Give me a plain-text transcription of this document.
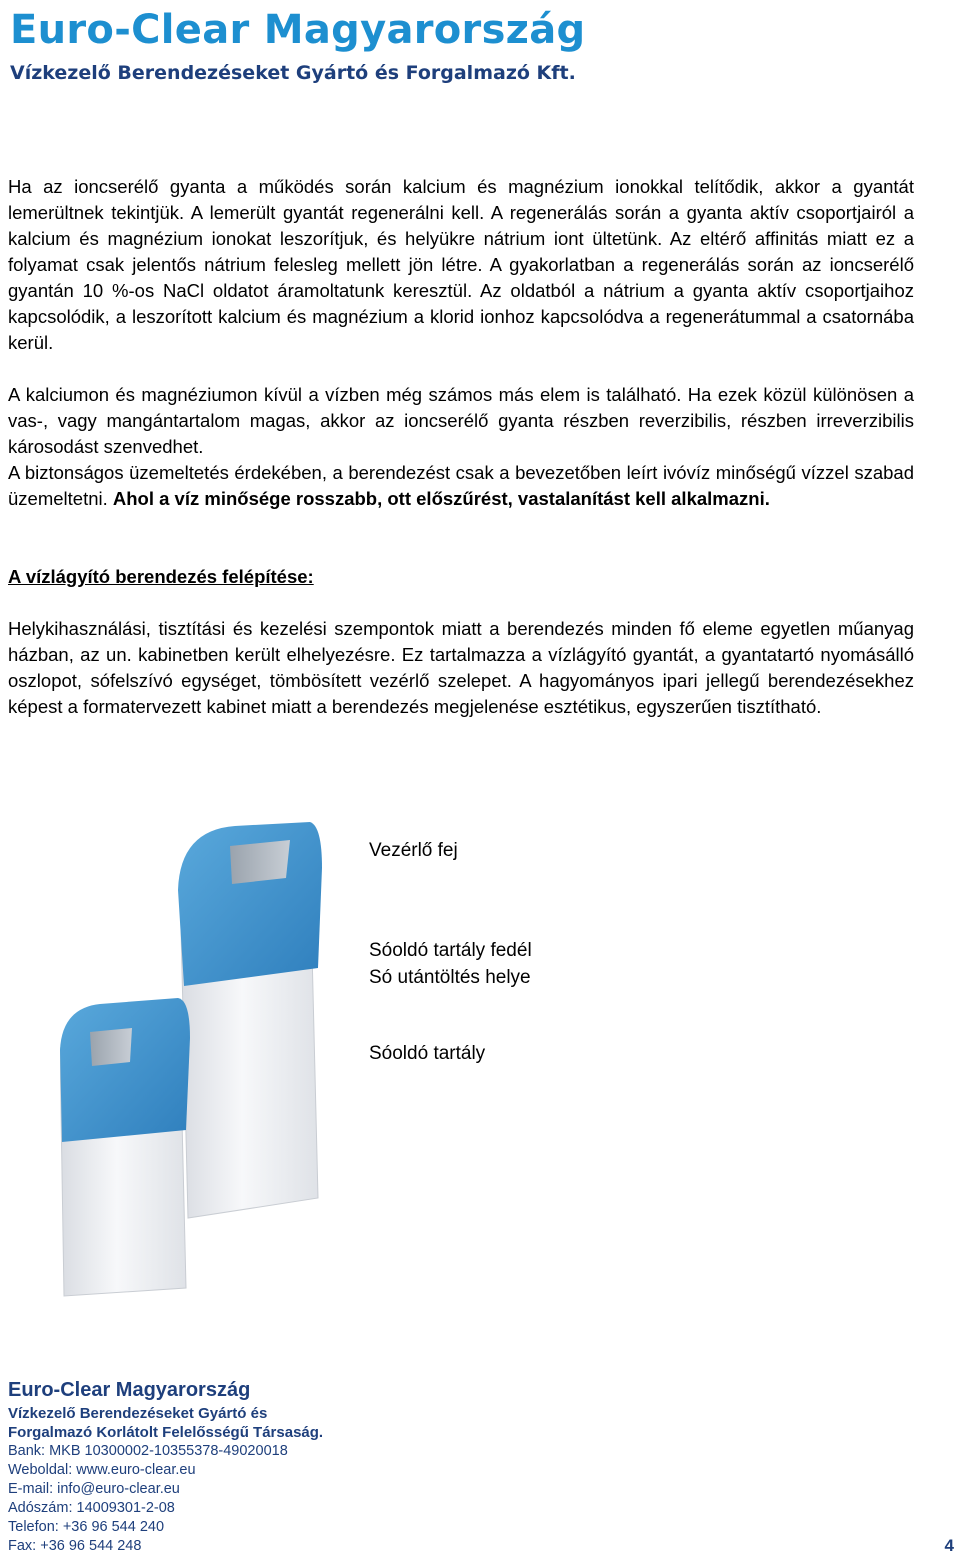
Euro-Clear Magyarország
Vízkezelő Berendezéseket Gyártó és Forgalmazó Kft.

Ha az ioncserélő gyanta a működés során kalcium és magnézium ionokkal telítődik, akkor a gyantát lemerültnek tekintjük. A lemerült gyantát regenerálni kell. A regenerálás során a gyanta aktív csoportjairól a kalcium és magnézium ionokat leszorítjuk, és helyükre nátrium iont ültetünk. Az eltérő affinitás miatt ez a folyamat csak jelentős nátrium felesleg mellett jön létre. A gyakorlatban a regenerálás során az ioncserélő gyantán 10 %-os NaCl oldatot áramoltatunk keresztül. Az oldatból a nátrium a gyanta aktív csoportjaihoz kapcsolódik, a leszorított kalcium és magnézium a klorid ionhoz kapcsolódva a regenerátummal a csatornába kerül.

A kalciumon és magnéziumon kívül a vízben még számos más elem is található. Ha ezek közül különösen a vas-, vagy mangántartalom magas, akkor az ioncserélő gyanta részben reverzibilis, részben irreverzibilis károsodást szenvedhet.

A biztonságos üzemeltetés érdekében, a berendezést csak a bevezetőben leírt ivóvíz minőségű vízzel szabad üzemeltetni. Ahol a víz minősége rosszabb, ott előszűrést, vastalanítást kell alkalmazni.

A vízlágyító berendezés felépítése:

Helykihasználási, tisztítási és kezelési szempontok miatt a berendezés minden fő eleme egyetlen műanyag házban, az un. kabinetben került elhelyezésre. Ez tartalmazza a vízlágyító gyantát, a gyantatartó nyomásálló oszlopot, sófelszívó egységet, tömbösített vezérlő szelepet. A hagyományos ipari jellegű berendezésekhez képest a formatervezett kabinet miatt a berendezés megjelenése esztétikus, egyszerűen tisztítható.

Vezérlő fej
Sóoldó tartály fedél
Só utántöltés helye
Sóoldó tartály
Euro-Clear Magyarország
Vízkezelő Berendezéseket Gyártó és
Forgalmazó Korlátolt Felelősségű Társaság.
Bank: MKB 10300002-10355378-49020018
Weboldal: www.euro-clear.eu
E-mail: info@euro-clear.eu
Adószám: 14009301-2-08
Telefon: +36 96 544 240
Fax: +36 96 544 248	4
